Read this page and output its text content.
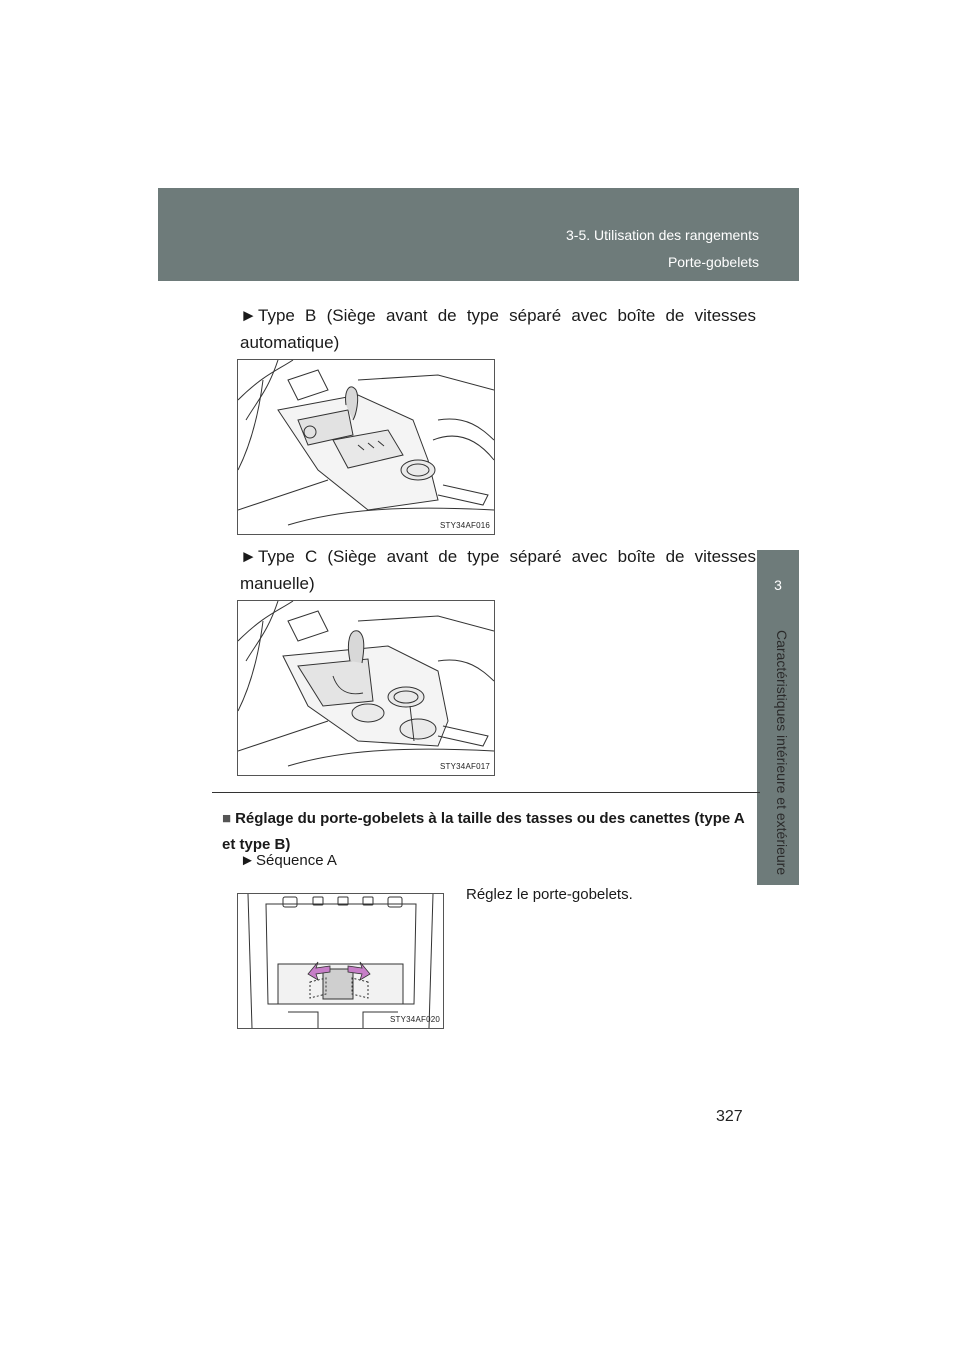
3-5. Utilisation des rangements
Porte-gobelets
3
Caractéristiques intérieure et extérieure
►Type B (Siège avant de type séparé avec boîte de vitesses automatique)
STY34AF016
►Type C (Siège avant de type séparé avec boîte de vitesses manuelle)
STY34AF017
■ Réglage du porte-gobelets à la taille des tasses ou des canettes (type A et type B)
►Séquence A
STY34AF020
Réglez le porte-gobelets.
327
